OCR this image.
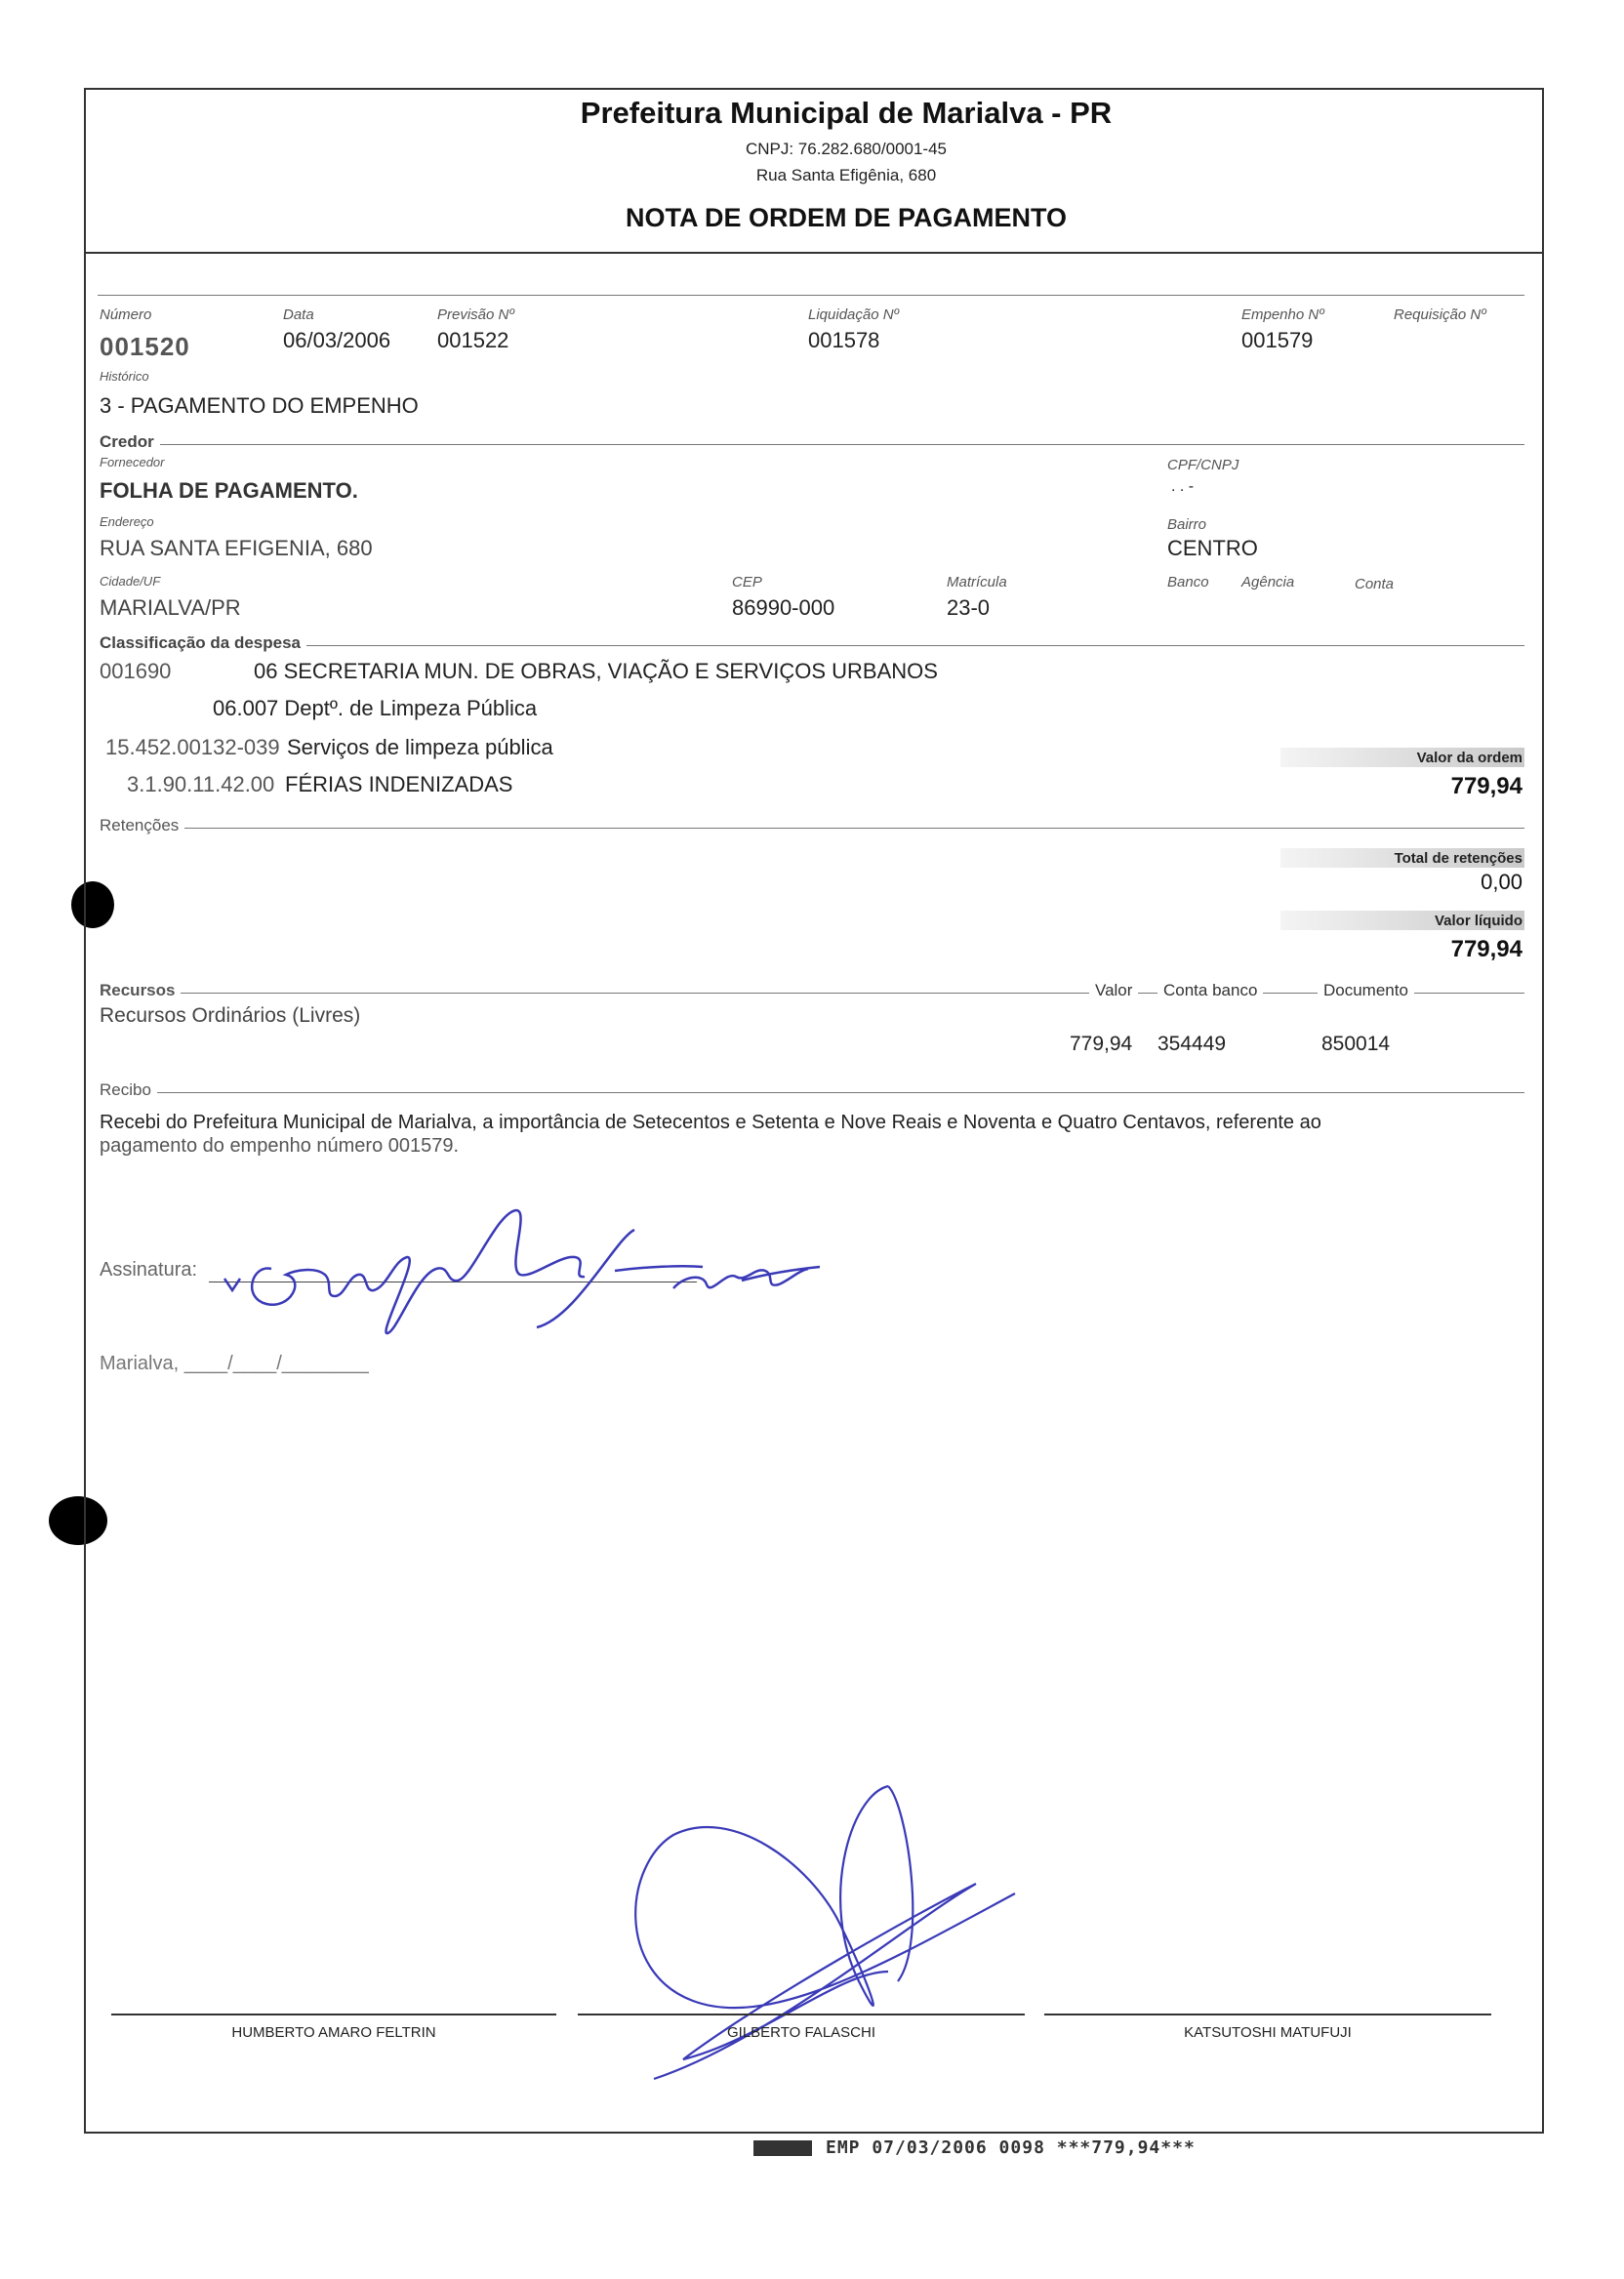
Prefeitura Municipal de Marialva - PR
CNPJ: 76.282.680/0001-45
Rua Santa Efigênia, 680
NOTA DE ORDEM DE PAGAMENTO
Número
001520
Data
06/03/2006
Previsão Nº
001522
Liquidação Nº
001578
Empenho Nº
001579
Requisição Nº
Histórico
3 - PAGAMENTO DO EMPENHO
Credor
Fornecedor
FOLHA DE PAGAMENTO.
CPF/CNPJ
. . -
Endereço
RUA SANTA EFIGENIA, 680
Bairro
CENTRO
Cidade/UF
MARIALVA/PR
CEP
86990-000
Matrícula
23-0
Banco Agência	Conta
Classificação da despesa
001690	06 SECRETARIA MUN. DE OBRAS, VIAÇÃO E SERVIÇOS URBANOS
06.007 Deptº. de Limpeza Pública
15.452.00132-039 Serviços de limpeza pública
3.1.90.11.42.00 FÉRIAS INDENIZADAS
Valor da ordem
779,94
Retenções
Total de retenções
0,00
Valor líquido
779,94
Recursos	Valor	Conta banco	Documento
Recursos Ordinários (Livres)
779,94 354449	850014
Recibo
Recebi do Prefeitura Municipal de Marialva, a importância de Setecentos e Setenta e Nove Reais e Noventa e Quatro Centavos, referente ao
pagamento do empenho número 001579.
Assinatura:
Marialva, ____/____/________
HUMBERTO AMARO FELTRIN	GILBERTO FALASCHI	KATSUTOSHI MATUFUJI
EMP 07/03/2006 0098 ***779,94***
